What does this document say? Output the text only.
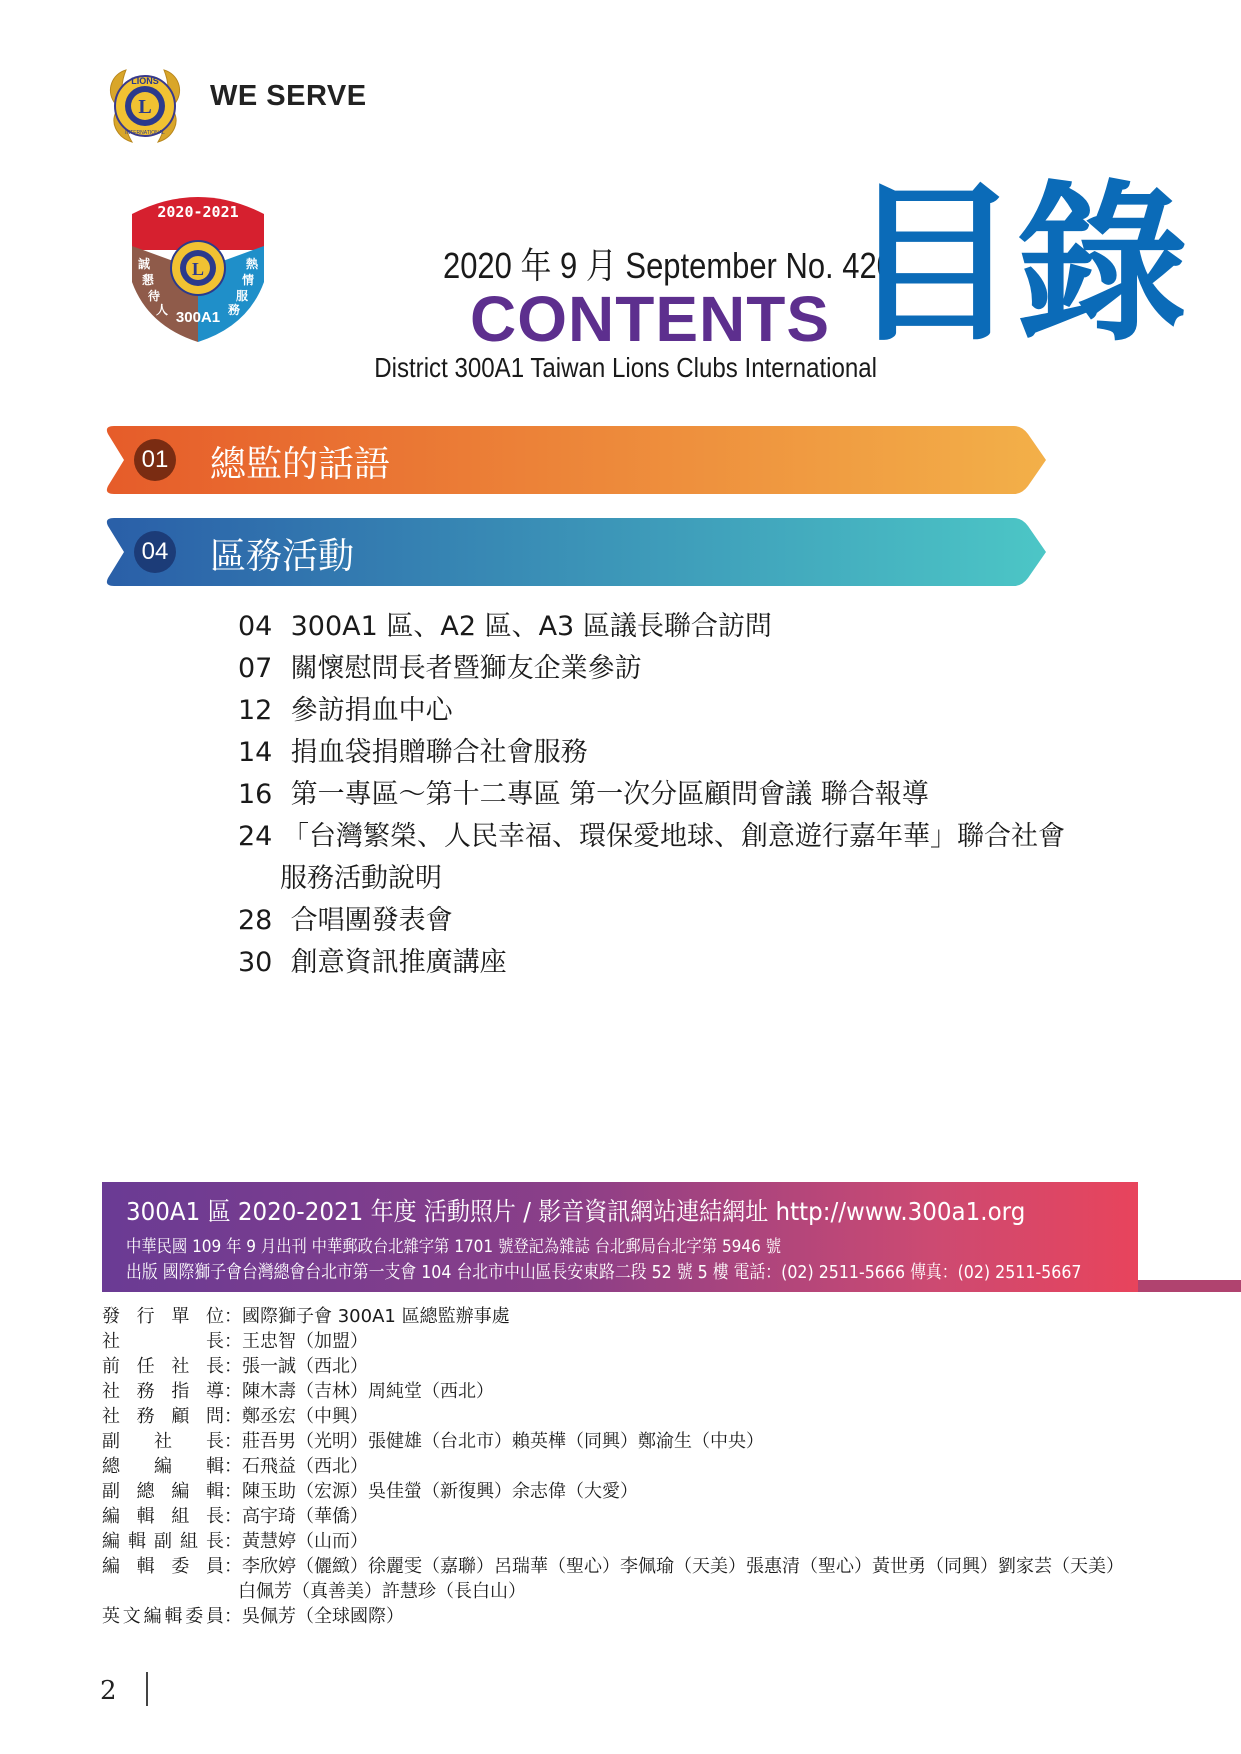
L
LIONS
INTERNATIONAL
WE SERVE
2020-2021
L
誠
懇
待
人
熱
情
服
務
300A1
2020 年 9 月 September No. 420
CONTENTS
District 300A1 Taiwan Lions Clubs International
目錄
01 總監的話語
04 區務活動
04 300A1 區、A2 區、A3 區議長聯合訪問
07 關懷慰問長者暨獅友企業參訪
12 參訪捐血中心
14 捐血袋捐贈聯合社會服務
16 第一專區～第十二專區 第一次分區顧問會議 聯合報導
24 「台灣繁榮、人民幸福、環保愛地球、創意遊行嘉年華」聯合社會
服務活動說明
28 合唱團發表會
30 創意資訊推廣講座
300A1 區 2020-2021 年度 活動照片 / 影音資訊網站連結網址 http://www.300a1.org
中華民國 109 年 9 月出刊 中華郵政台北雜字第 1701 號登記為雜誌 台北郵局台北字第 5946 號
出版 國際獅子會台灣總會台北市第一支會 104 台北市中山區長安東路二段 52 號 5 樓 電話：(02) 2511-5666 傳真：(02) 2511-5667
發行單位 ： 國際獅子會 300A1 區總監辦事處
社長 ： 王忠智（加盟）
前任社長 ： 張一誠（西北）
社務指導 ： 陳木壽（吉林）周純堂（西北）
社務顧問 ： 鄭丞宏（中興）
副社長 ： 莊吾男（光明）張健雄（台北市）賴英樺（同興）鄭渝生（中央）
總編輯 ： 石飛益（西北）
副總編輯 ： 陳玉助（宏源）吳佳螢（新復興）余志偉（大愛）
編輯組長 ： 高宇琦（華僑）
編輯副組長 ： 黃慧婷（山而）
編輯委員 ： 李欣婷（儷緻）徐麗雯（嘉聯）呂瑞華（聖心）李佩瑜（天美）張惠清（聖心）黃世勇（同興）劉家芸（天美）
白佩芳（真善美）許慧珍（長白山）
英文編輯委員 ： 吳佩芳（全球國際）
2
